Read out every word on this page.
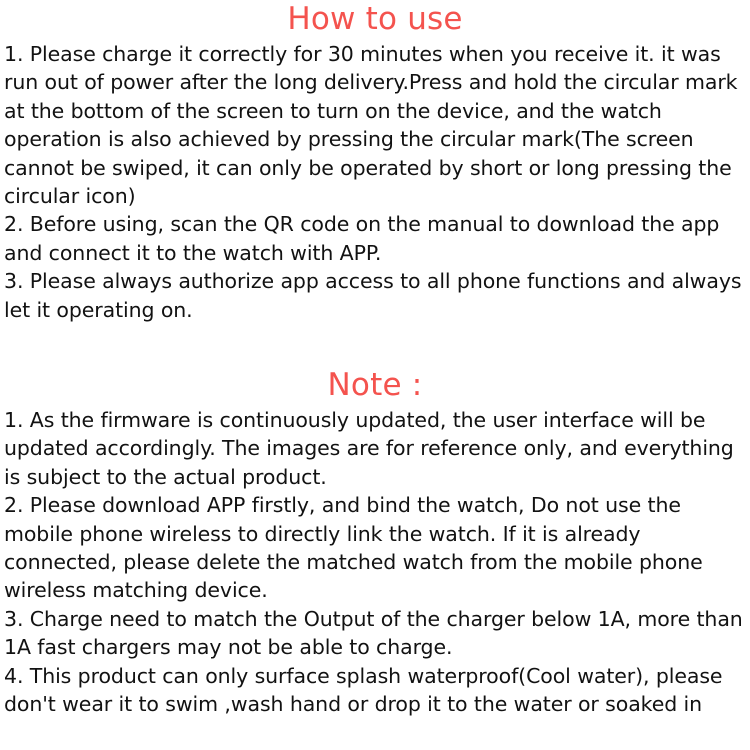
How to use

1. Please charge it correctly for 30 minutes when you receive it. it was run out of power after the long delivery.Press and hold the circular mark at the bottom of the screen to turn on the device, and the watch operation is also achieved by pressing the circular mark(The screen cannot be swiped, it can only be operated by short or long pressing the circular icon)

2. Before using, scan the QR code on the manual to download the app and connect it to the watch with APP.

3. Please always authorize app access to all phone functions and always let it operating on.

Note :

1. As the firmware is continuously updated, the user interface will be updated accordingly. The images are for reference only, and everything is subject to the actual product.

2. Please download APP firstly, and bind the watch, Do not use the mobile phone wireless to directly link the watch. If it is already connected, please delete the matched watch from the mobile phone wireless matching device.

3. Charge need to match the Output of the charger below 1A, more than 1A fast chargers may not be able to charge.

4. This product can only surface splash waterproof(Cool water), please don't wear it to swim ,wash hand or drop it to the water or soaked in
